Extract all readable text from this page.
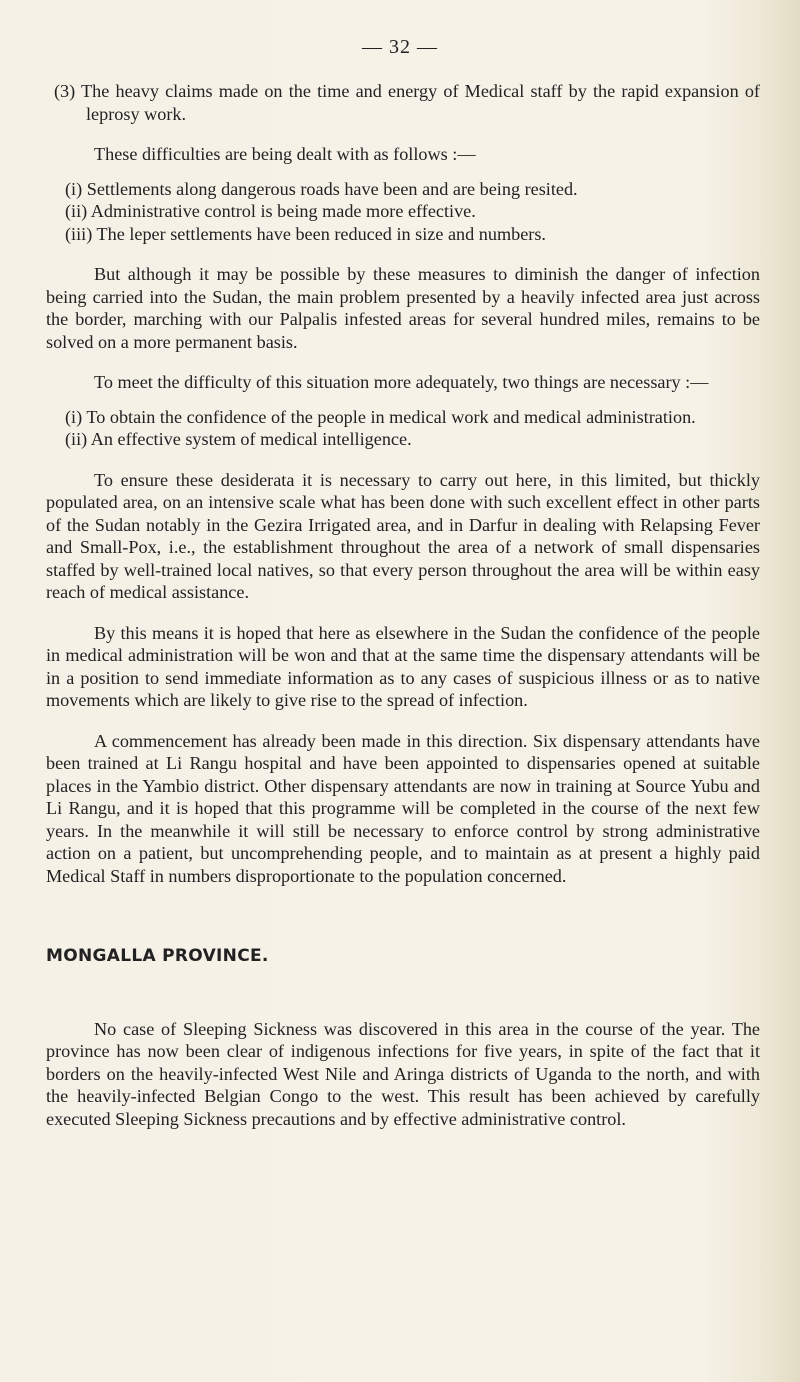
— 32 —

(3) The heavy claims made on the time and energy of Medical staff by the rapid expansion of leprosy work.

These difficulties are being dealt with as follows :—

(i) Settlements along dangerous roads have been and are being resited.

(ii) Administrative control is being made more effective.

(iii) The leper settlements have been reduced in size and numbers.

But although it may be possible by these measures to diminish the danger of infection being carried into the Sudan, the main problem presented by a heavily infected area just across the border, marching with our Palpalis infested areas for several hundred miles, remains to be solved on a more permanent basis.

To meet the difficulty of this situation more adequately, two things are necessary :—

(i) To obtain the confidence of the people in medical work and medical administration.

(ii) An effective system of medical intelligence.

To ensure these desiderata it is necessary to carry out here, in this limited, but thickly populated area, on an intensive scale what has been done with such excellent effect in other parts of the Sudan notably in the Gezira Irrigated area, and in Darfur in dealing with Relapsing Fever and Small-Pox, i.e., the establishment throughout the area of a network of small dispensaries staffed by well-trained local natives, so that every person throughout the area will be within easy reach of medical assistance.

By this means it is hoped that here as elsewhere in the Sudan the confidence of the people in medical administration will be won and that at the same time the dispensary attendants will be in a position to send immediate information as to any cases of suspicious illness or as to native movements which are likely to give rise to the spread of infection.

A commencement has already been made in this direction. Six dispensary attendants have been trained at Li Rangu hospital and have been appointed to dispensaries opened at suitable places in the Yambio district. Other dispensary attendants are now in training at Source Yubu and Li Rangu, and it is hoped that this programme will be completed in the course of the next few years. In the meanwhile it will still be necessary to enforce control by strong administrative action on a patient, but uncomprehending people, and to maintain as at present a highly paid Medical Staff in numbers disproportionate to the population concerned.

MONGALLA PROVINCE.

No case of Sleeping Sickness was discovered in this area in the course of the year. The province has now been clear of indigenous infections for five years, in spite of the fact that it borders on the heavily-infected West Nile and Aringa districts of Uganda to the north, and with the heavily-infected Belgian Congo to the west. This result has been achieved by carefully executed Sleeping Sickness precautions and by effective administrative control.
